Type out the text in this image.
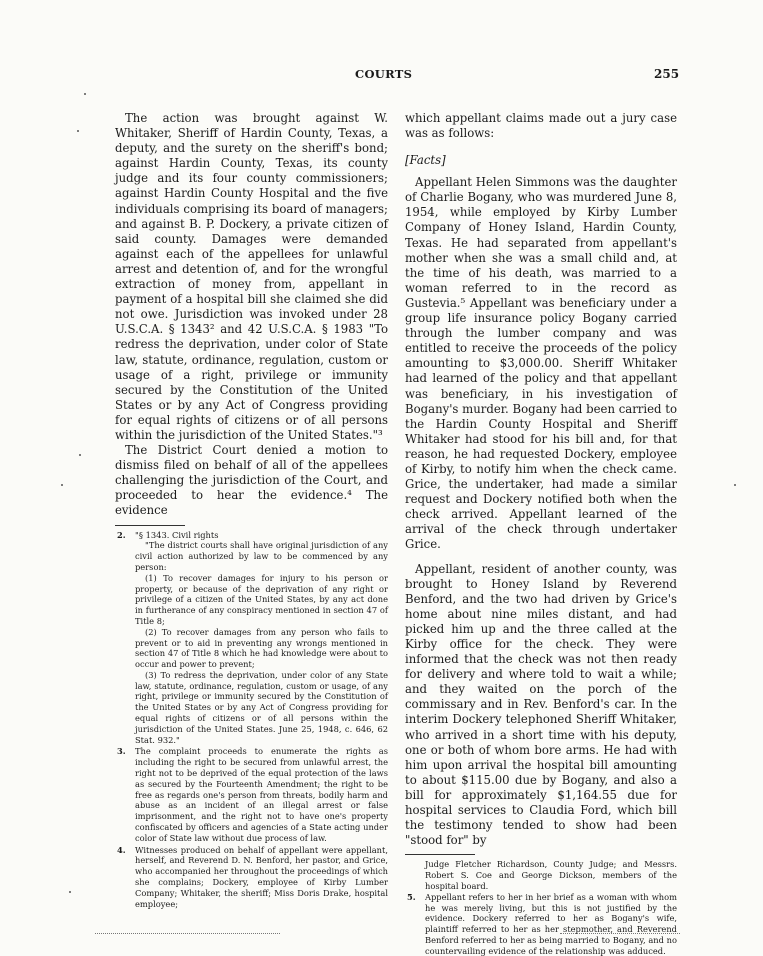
COURTS	255

The action was brought against W. Whitaker, Sheriff of Hardin County, Texas, a deputy, and the surety on the sheriff's bond; against Hardin County, Texas, its county judge and its four county commissioners; against Hardin County Hospital and the five individuals comprising its board of managers; and against B. P. Dockery, a private citizen of said county. Damages were demanded against each of the appellees for unlawful arrest and detention of, and for the wrongful extraction of money from, appellant in payment of a hospital bill she claimed she did not owe. Jurisdiction was invoked under 28 U.S.C.A. § 1343² and 42 U.S.C.A. § 1983 "To redress the deprivation, under color of State law, statute, ordinance, regulation, custom or usage of a right, privilege or immunity secured by the Constitution of the United States or by any Act of Congress providing for equal rights of citizens or of all persons within the jurisdiction of the United States."³

The District Court denied a motion to dismiss filed on behalf of all of the appellees challenging the jurisdiction of the Court, and proceeded to hear the evidence.⁴ The evidence

2. "§ 1343. Civil rights
"The district courts shall have original jurisdiction of any civil action authorized by law to be commenced by any person:
(1) To recover damages for injury to his person or property, or because of the deprivation of any right or privilege of a citizen of the United States, by any act done in furtherance of any conspiracy mentioned in section 47 of Title 8;
(2) To recover damages from any person who fails to prevent or to aid in preventing any wrongs mentioned in section 47 of Title 8 which he had knowledge were about to occur and power to prevent;
(3) To redress the deprivation, under color of any State law, statute, ordinance, regulation, custom or usage, of any right, privilege or immunity secured by the Constitution of the United States or by any Act of Congress providing for equal rights of citizens or of all persons within the jurisdiction of the United States. June 25, 1948, c. 646, 62 Stat. 932."
3. The complaint proceeds to enumerate the rights as including the right to be secured from unlawful arrest, the right not to be deprived of the equal protection of the laws as secured by the Fourteenth Amendment; the right to be free as regards one's person from threats, bodily harm and abuse as an incident of an illegal arrest or false imprisonment, and the right not to have one's property confiscated by officers and agencies of a State acting under color of State law without due process of law.
4. Witnesses produced on behalf of appellant were appellant, herself, and Reverend D. N. Benford, her pastor, and Grice, who accompanied her throughout the proceedings of which she complains; Dockery, employee of Kirby Lumber Company; Whitaker, the sheriff; Miss Doris Drake, hospital employee;

which appellant claims made out a jury case was as follows:

[Facts]

Appellant Helen Simmons was the daughter of Charlie Bogany, who was murdered June 8, 1954, while employed by Kirby Lumber Company of Honey Island, Hardin County, Texas. He had separated from appellant's mother when she was a small child and, at the time of his death, was married to a woman referred to in the record as Gustevia.⁵ Appellant was beneficiary under a group life insurance policy Bogany carried through the lumber company and was entitled to receive the proceeds of the policy amounting to $3,000.00. Sheriff Whitaker had learned of the policy and that appellant was beneficiary, in his investigation of Bogany's murder. Bogany had been carried to the Hardin County Hospital and Sheriff Whitaker had stood for his bill and, for that reason, he had requested Dockery, employee of Kirby, to notify him when the check came. Grice, the undertaker, had made a similar request and Dockery notified both when the check arrived. Appellant learned of the arrival of the check through undertaker Grice.

Appellant, resident of another county, was brought to Honey Island by Reverend Benford, and the two had driven by Grice's home about nine miles distant, and had picked him up and the three called at the Kirby office for the check. They were informed that the check was not then ready for delivery and where told to wait a while; and they waited on the porch of the commissary and in Rev. Benford's car. In the interim Dockery telephoned Sheriff Whitaker, who arrived in a short time with his deputy, one or both of whom bore arms. He had with him upon arrival the hospital bill amounting to about $115.00 due by Bogany, and also a bill for approximately $1,164.55 due for hospital services to Claudia Ford, which bill the testimony tended to show had been "stood for" by

Judge Fletcher Richardson, County Judge; and Messrs. Robert S. Coe and George Dickson, members of the hospital board.

5. Appellant refers to her in her brief as a woman with whom he was merely living, but this is not justified by the evidence. Dockery referred to her as Bogany's wife, plaintiff referred to her as her stepmother, and Reverend Benford referred to her as being married to Bogany, and no countervailing evidence of the relationship was adduced.
